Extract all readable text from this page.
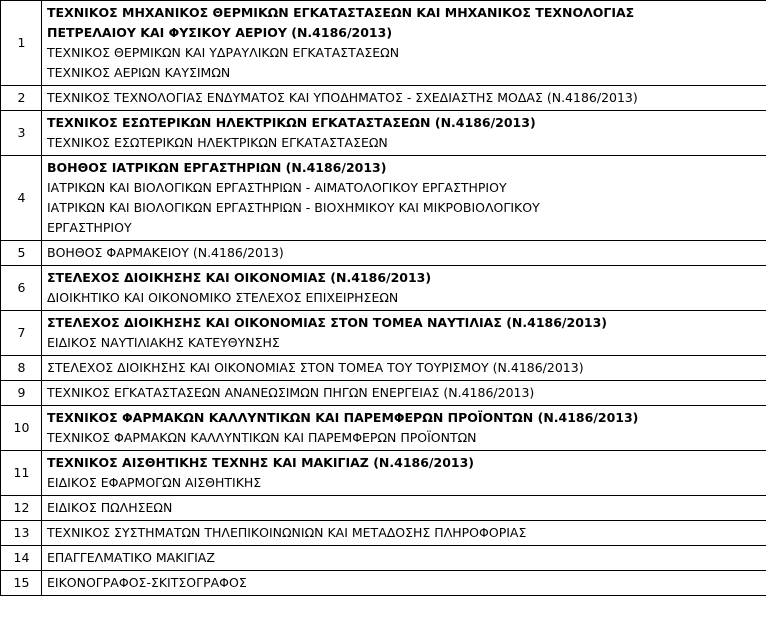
1	ΤΕΧΝΙΚΟΣ ΜΗΧΑΝΙΚΟΣ ΘΕΡΜΙΚΩΝ ΕΓΚΑΤΑΣΤΑΣΕΩΝ ΚΑΙ ΜΗΧΑΝΙΚΟΣ ΤΕΧΝΟΛΟΓΙΑΣ
ΠΕΤΡΕΛΑΙΟΥ ΚΑΙ ΦΥΣΙΚΟΥ ΑΕΡΙΟΥ (Ν.4186/2013)
ΤΕΧΝΙΚΟΣ ΘΕΡΜΙΚΩΝ ΚΑΙ ΥΔΡΑΥΛΙΚΩΝ ΕΓΚΑΤΑΣΤΑΣΕΩΝ
ΤΕΧΝΙΚΟΣ ΑΕΡΙΩΝ ΚΑΥΣΙΜΩΝ

2	ΤΕΧΝΙΚΟΣ ΤΕΧΝΟΛΟΓΙΑΣ ΕΝΔΥΜΑΤΟΣ ΚΑΙ ΥΠΟΔΗΜΑΤΟΣ - ΣΧΕΔΙΑΣΤΗΣ ΜΟΔΑΣ (Ν.4186/2013)

3	ΤΕΧΝΙΚΟΣ ΕΣΩΤΕΡΙΚΩΝ ΗΛΕΚΤΡΙΚΩΝ ΕΓΚΑΤΑΣΤΑΣΕΩΝ (Ν.4186/2013)
ΤΕΧΝΙΚΟΣ ΕΣΩΤΕΡΙΚΩΝ ΗΛΕΚΤΡΙΚΩΝ ΕΓΚΑΤΑΣΤΑΣΕΩΝ

4	ΒΟΗΘΟΣ ΙΑΤΡΙΚΩΝ ΕΡΓΑΣΤΗΡΙΩΝ (Ν.4186/2013)
ΙΑΤΡΙΚΩΝ ΚΑΙ ΒΙΟΛΟΓΙΚΩΝ ΕΡΓΑΣΤΗΡΙΩΝ - ΑΙΜΑΤΟΛΟΓΙΚΟΥ ΕΡΓΑΣΤΗΡΙΟΥ
ΙΑΤΡΙΚΩΝ ΚΑΙ ΒΙΟΛΟΓΙΚΩΝ ΕΡΓΑΣΤΗΡΙΩΝ - ΒΙΟΧΗΜΙΚΟΥ ΚΑΙ ΜΙΚΡΟΒΙΟΛΟΓΙΚΟΥ
ΕΡΓΑΣΤΗΡΙΟΥ

5	ΒΟΗΘΟΣ ΦΑΡΜΑΚΕΙΟΥ (Ν.4186/2013)

6	ΣΤΕΛΕΧΟΣ ΔΙΟΙΚΗΣΗΣ ΚΑΙ ΟΙΚΟΝΟΜΙΑΣ (Ν.4186/2013)
ΔΙΟΙΚΗΤΙΚΟ ΚΑΙ ΟΙΚΟΝΟΜΙΚΟ ΣΤΕΛΕΧΟΣ ΕΠΙΧΕΙΡΗΣΕΩΝ

7	ΣΤΕΛΕΧΟΣ ΔΙΟΙΚΗΣΗΣ ΚΑΙ ΟΙΚΟΝΟΜΙΑΣ ΣΤΟΝ ΤΟΜΕΑ ΝΑΥΤΙΛΙΑΣ (Ν.4186/2013)
ΕΙΔΙΚΟΣ ΝΑΥΤΙΛΙΑΚΗΣ ΚΑΤΕΥΘΥΝΣΗΣ

8	ΣΤΕΛΕΧΟΣ ΔΙΟΙΚΗΣΗΣ ΚΑΙ ΟΙΚΟΝΟΜΙΑΣ ΣΤΟΝ ΤΟΜΕΑ ΤΟΥ ΤΟΥΡΙΣΜΟΥ (Ν.4186/2013)

9	ΤΕΧΝΙΚΟΣ ΕΓΚΑΤΑΣΤΑΣΕΩΝ ΑΝΑΝΕΩΣΙΜΩΝ ΠΗΓΩΝ ΕΝΕΡΓΕΙΑΣ (Ν.4186/2013)

10	ΤΕΧΝΙΚΟΣ ΦΑΡΜΑΚΩΝ ΚΑΛΛΥΝΤΙΚΩΝ ΚΑΙ ΠΑΡΕΜΦΕΡΩΝ ΠΡΟΪΟΝΤΩΝ (Ν.4186/2013)
ΤΕΧΝΙΚΟΣ ΦΑΡΜΑΚΩΝ ΚΑΛΛΥΝΤΙΚΩΝ ΚΑΙ ΠΑΡΕΜΦΕΡΩΝ ΠΡΟΪΟΝΤΩΝ

11	ΤΕΧΝΙΚΟΣ ΑΙΣΘΗΤΙΚΗΣ ΤΕΧΝΗΣ ΚΑΙ ΜΑΚΙΓΙΑΖ (Ν.4186/2013)
ΕΙΔΙΚΟΣ ΕΦΑΡΜΟΓΩΝ ΑΙΣΘΗΤΙΚΗΣ

12	ΕΙΔΙΚΟΣ ΠΩΛΗΣΕΩΝ

13	ΤΕΧΝΙΚΟΣ ΣΥΣΤΗΜΑΤΩΝ ΤΗΛΕΠΙΚΟΙΝΩΝΙΩΝ ΚΑΙ ΜΕΤΑΔΟΣΗΣ ΠΛΗΡΟΦΟΡΙΑΣ

14	ΕΠΑΓΓΕΛΜΑΤΙΚΟ ΜΑΚΙΓΙΑΖ

15	ΕΙΚΟΝΟΓΡΑΦΟΣ-ΣΚΙΤΣΟΓΡΑΦΟΣ
